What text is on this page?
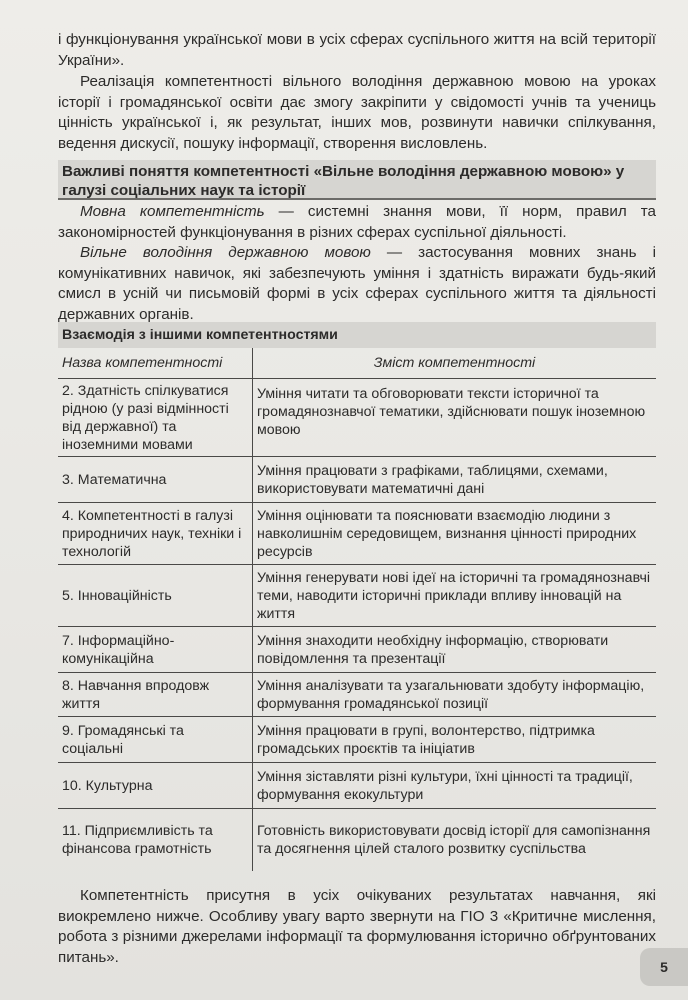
і функціонування української мови в усіх сферах суспільного життя на всій території України».

Реалізація компетентності вільного володіння державною мовою на уроках історії і громадянської освіти дає змогу закріпити у свідомості учнів та учениць цінність української і, як результат, інших мов, розвинути навички спілкування, ведення дискусії, пошуку інформації, створення висловлень.

Важливі поняття компетентності «Вільне володіння державною мовою» у галузі соціальних наук та історії

Мовна компетентність — системні знання мови, її норм, правил та закономірностей функціонування в різних сферах суспільної діяльності.

Вільне володіння державною мовою — застосування мовних знань і комунікативних навичок, які забезпечують уміння і здатність виражати будь-який смисл в усній чи письмовій формі в усіх сферах суспільного життя та діяльності державних органів.

Взаємодія з іншими компетентностями
Назва компетентності	Зміст компетентності
2. Здатність спілкуватися рідною (у разі відмінності від державної) та іноземними мовами	Уміння читати та обговорювати тексти історичної та громадянознавчої тематики, здійснювати пошук іноземною мовою
3. Математична	Уміння працювати з графіками, таблицями, схемами, використовувати математичні дані
4. Компетентності в галузі природничих наук, техніки і технологій	Уміння оцінювати та пояснювати взаємодію людини з навколишнім середовищем, визнання цінності природних ресурсів
5. Інноваційність	Уміння генерувати нові ідеї на історичні та громадянознавчі теми, наводити історичні приклади впливу інновацій на життя
7. Інформаційно-комунікаційна	Уміння знаходити необхідну інформацію, створювати повідомлення та презентації
8. Навчання впродовж життя	Уміння аналізувати та узагальнювати здобуту інформацію, формування громадянської позиції
9. Громадянські та соціальні	Уміння працювати в групі, волонтерство, підтримка громадських проєктів та ініціатив
10. Культурна	Уміння зіставляти різні культури, їхні цінності та традиції, формування екокультури
11. Підприємливість та фінансова грамотність	Готовність використовувати досвід історії для самопізнання та досягнення цілей сталого розвитку суспільства

Компетентність присутня в усіх очікуваних результатах навчання, які виокремлено нижче. Особливу увагу варто звернути на ГІО 3 «Критичне мислення, робота з різними джерелами інформації та формулювання історично обґрунтованих питань».

5
